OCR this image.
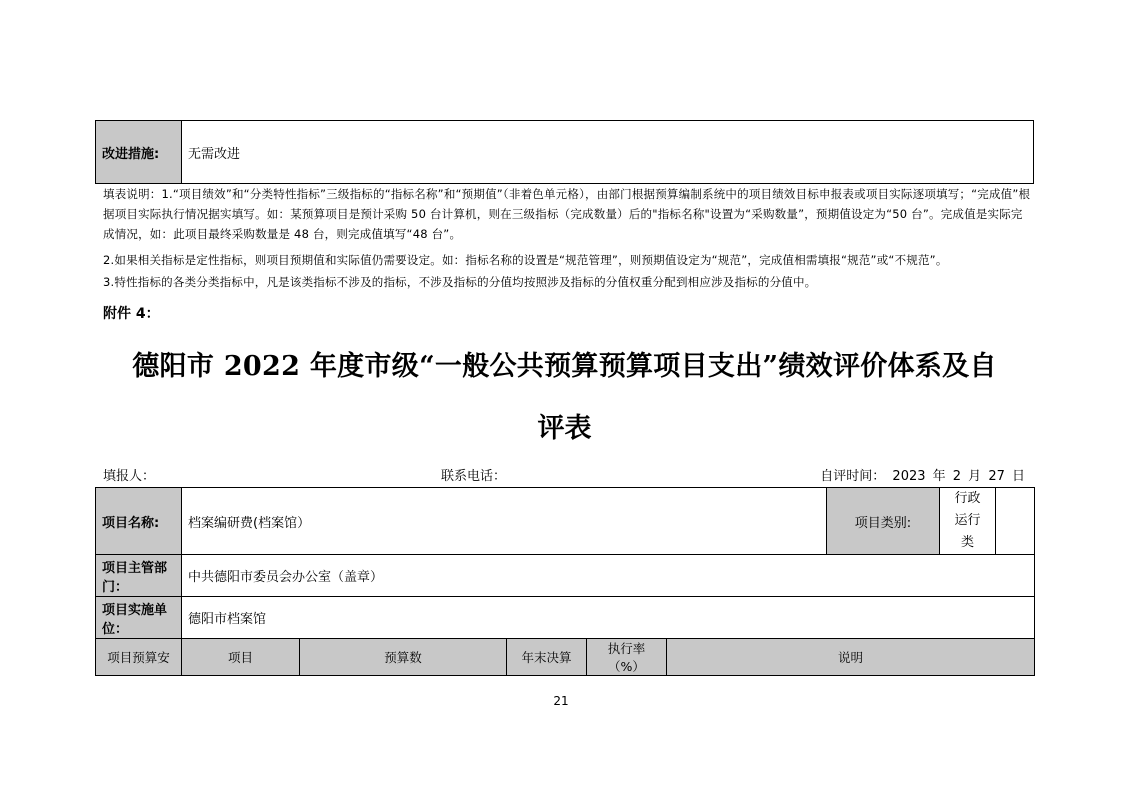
改进措施:	无需改进
填表说明：1.“项目绩效”和“分类特性指标”三级指标的“指标名称”和“预期值”（非着色单元格），由部门根据预算编制系统中的项目绩效目标申报表或项目实际逐项填写；“完成值”根据项目实际执行情况据实填写。如：某预算项目是预计采购 50 台计算机，则在三级指标（完成数量）后的"指标名称"设置为“采购数量”，预期值设定为“50 台”。完成值是实际完成情况，如：此项目最终采购数量是 48 台，则完成值填写“48 台”。
2.如果相关指标是定性指标，则项目预期值和实际值仍需要设定。如：指标名称的设置是“规范管理”，则预期值设定为“规范”，完成值相需填报“规范”或“不规范”。
3.特性指标的各类分类指标中，凡是该类指标不涉及的指标，不涉及指标的分值均按照涉及指标的分值权重分配到相应涉及指标的分值中。
附件 4：
德阳市 2022 年度市级“一般公共预算预算项目支出”绩效评价体系及自
评表
填报人：	联系电话：	自评时间： 2023 年 2 月 27 日
项目名称:	档案编研费(档案馆）					项目类别:	行政
运行
类	

项目主管部门：	中共德阳市委员会办公室（盖章）							
项目实施单位：	德阳市档案馆							
项目预算安	项目	预算数	年末决算	执行率（%）	说明			
21
